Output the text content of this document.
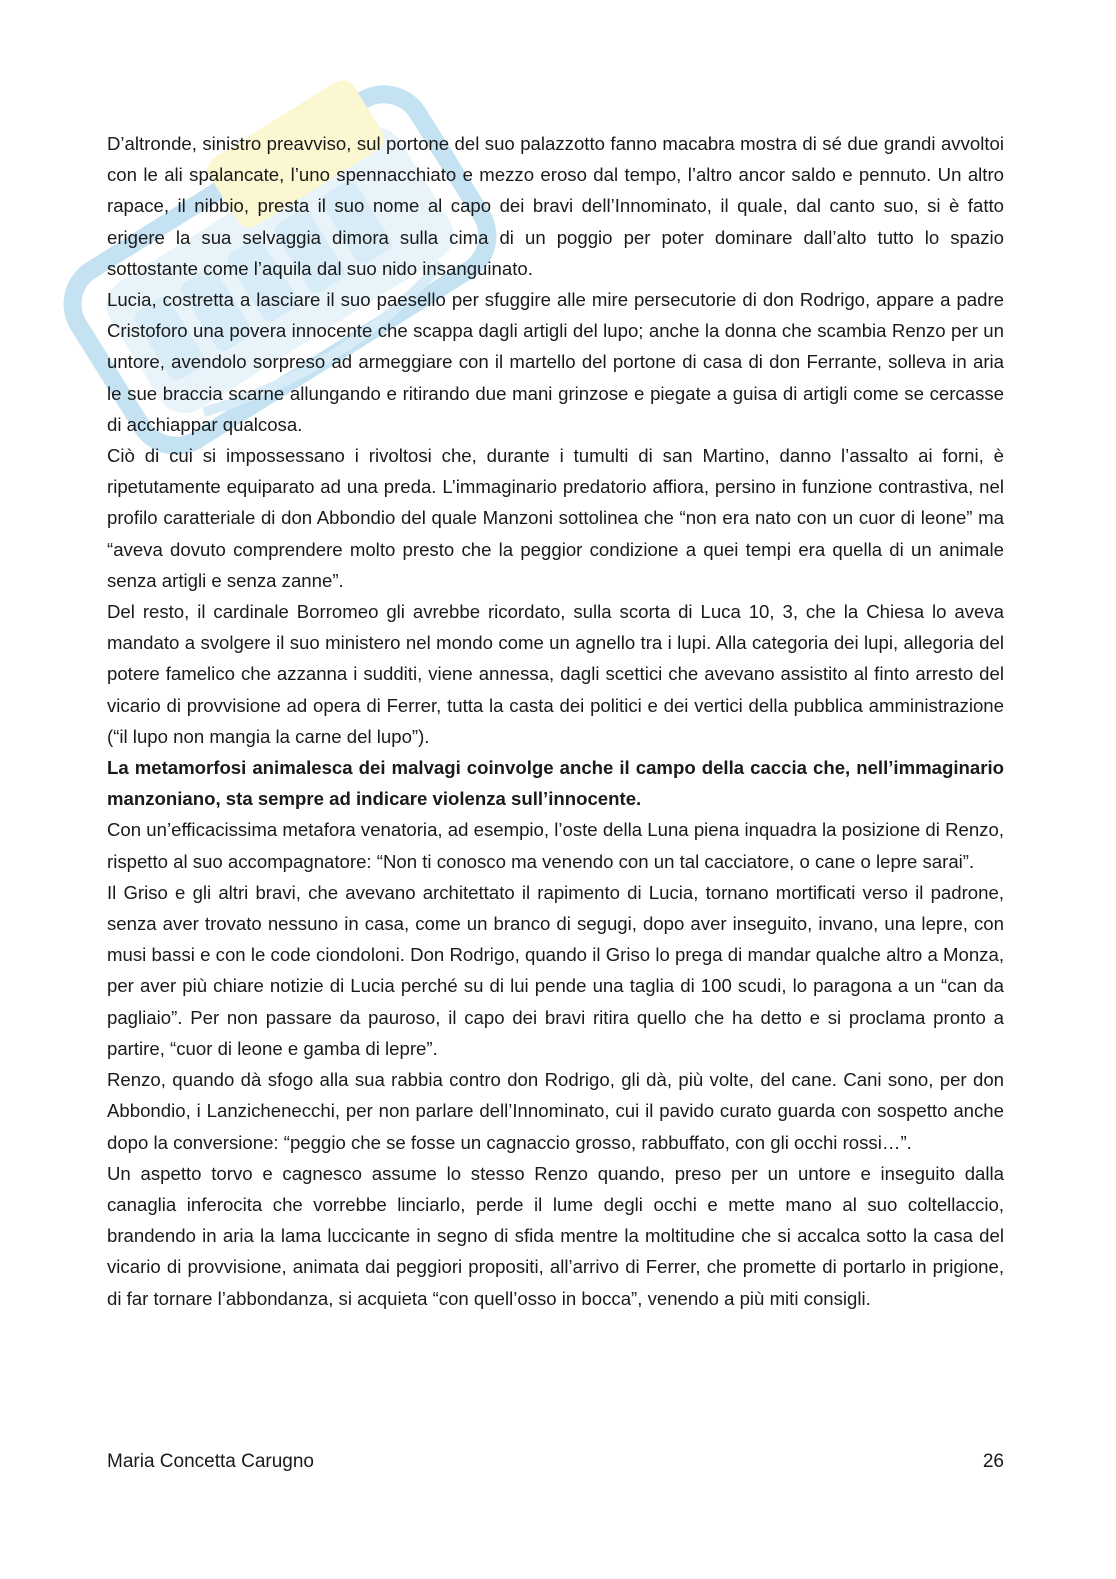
D’altronde, sinistro preavviso, sul portone del suo palazzotto fanno macabra mostra di sé due grandi avvoltoi con le ali spalancate, l’uno spennacchiato e mezzo eroso dal tempo, l’altro ancor saldo e pennuto. Un altro rapace, il nibbio, presta il suo nome al capo dei bravi dell’Innominato, il quale, dal canto suo, si è fatto erigere la sua selvaggia dimora sulla cima di un poggio per poter dominare dall’alto tutto lo spazio sottostante come l’aquila dal suo nido insanguinato.

Lucia, costretta a lasciare il suo paesello per sfuggire alle mire persecutorie di don Rodrigo, appare a padre Cristoforo una povera innocente che scappa dagli artigli del lupo; anche la donna che scambia Renzo per un untore, avendolo sorpreso ad armeggiare con il martello del portone di casa di don Ferrante, solleva in aria le sue braccia scarne allungando e ritirando due mani grinzose e piegate a guisa di artigli come se cercasse di acchiappar qualcosa.

Ciò di cui si impossessano i rivoltosi che, durante i tumulti di san Martino, danno l’assalto ai forni, è ripetutamente equiparato ad una preda. L’immaginario predatorio affiora, persino in funzione contrastiva, nel profilo caratteriale di don Abbondio del quale Manzoni sottolinea che “non era nato con un cuor di leone” ma “aveva dovuto comprendere molto presto che la peggior condizione a quei tempi era quella di un animale senza artigli e senza zanne”.

Del resto, il cardinale Borromeo gli avrebbe ricordato, sulla scorta di Luca 10, 3, che la Chiesa lo aveva mandato a svolgere il suo ministero nel mondo come un agnello tra i lupi. Alla categoria dei lupi, allegoria del potere famelico che azzanna i sudditi, viene annessa, dagli scettici che avevano assistito al finto arresto del vicario di provvisione ad opera di Ferrer, tutta la casta dei politici e dei vertici della pubblica amministrazione (“il lupo non mangia la carne del lupo”).

La metamorfosi animalesca dei malvagi coinvolge anche il campo della caccia che, nell’immaginario manzoniano, sta sempre ad indicare violenza sull’innocente.

Con un’efficacissima metafora venatoria, ad esempio, l’oste della Luna piena inquadra la posizione di Renzo, rispetto al suo accompagnatore: “Non ti conosco ma venendo con un tal cacciatore, o cane o lepre sarai”.

Il Griso e gli altri bravi, che avevano architettato il rapimento di Lucia, tornano mortificati verso il padrone, senza aver trovato nessuno in casa, come un branco di segugi, dopo aver inseguito, invano, una lepre, con musi bassi e con le code ciondoloni. Don Rodrigo, quando il Griso lo prega di mandar qualche altro a Monza, per aver più chiare notizie di Lucia perché su di lui pende una taglia di 100 scudi, lo paragona a un “can da pagliaio”. Per non passare da pauroso, il capo dei bravi ritira quello che ha detto e si proclama pronto a partire, “cuor di leone e gamba di lepre”.

Renzo, quando dà sfogo alla sua rabbia contro don Rodrigo, gli dà, più volte, del cane. Cani sono, per don Abbondio, i Lanzichenecchi, per non parlare dell’Innominato, cui il pavido curato guarda con sospetto anche dopo la conversione: “peggio che se fosse un cagnaccio grosso, rabbuffato, con gli occhi rossi…”.

Un aspetto torvo e cagnesco assume lo stesso Renzo quando, preso per un untore e inseguito dalla canaglia inferocita che vorrebbe linciarlo, perde il lume degli occhi e mette mano al suo coltellaccio, brandendo in aria la lama luccicante in segno di sfida mentre la moltitudine che si accalca sotto la casa del vicario di provvisione, animata dai peggiori propositi, all’arrivo di Ferrer, che promette di portarlo in prigione, di far tornare l’abbondanza, si acquieta “con quell’osso in bocca”, venendo a più miti consigli.

Maria Concetta Carugno	26
